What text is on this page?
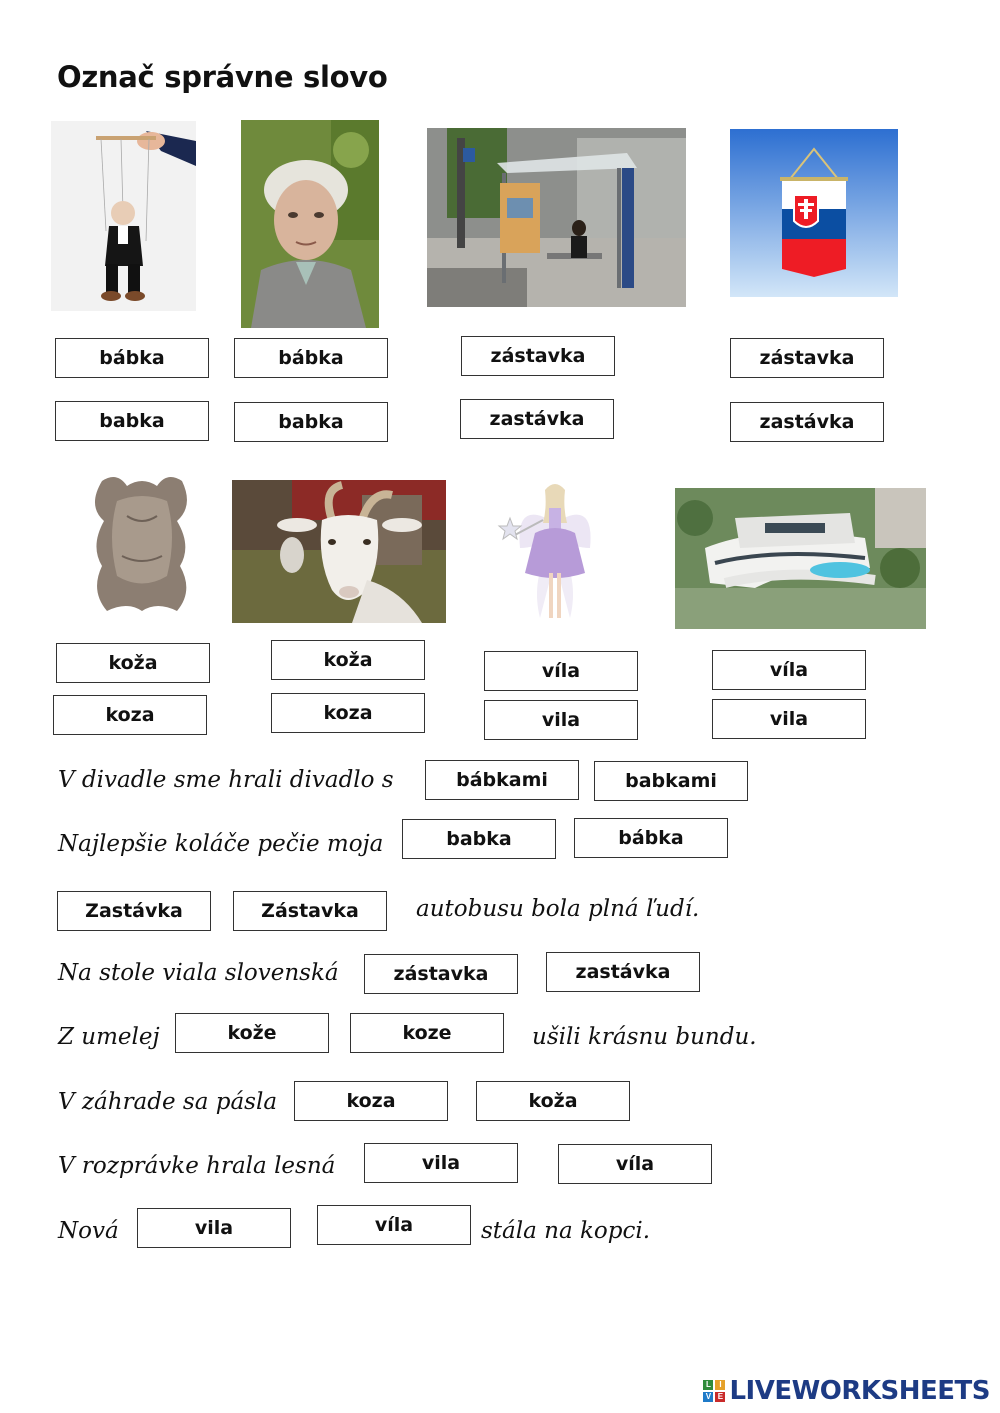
Označ správne slovo
bábka
babka
bábka
babka
zástavka
zastávka
zástavka
zastávka
koža
koza
koža
koza
víla
vila
víla
vila
V divadle sme hrali divadlo s	bábkami	babkami
Najlepšie koláče pečie moja	babka	bábka
Zastávka	Zástavka	autobusu bola plná ľudí.
Na stole viala slovenská	zástavka	zastávka
Z umelej	kože	koze	ušili krásnu bundu.
V záhrade sa pásla	koza	koža
V rozprávke hrala lesná	vila	víla
Nová	vila	víla	stála na kopci.
L	I
V E LIVEWORKSHEETS
